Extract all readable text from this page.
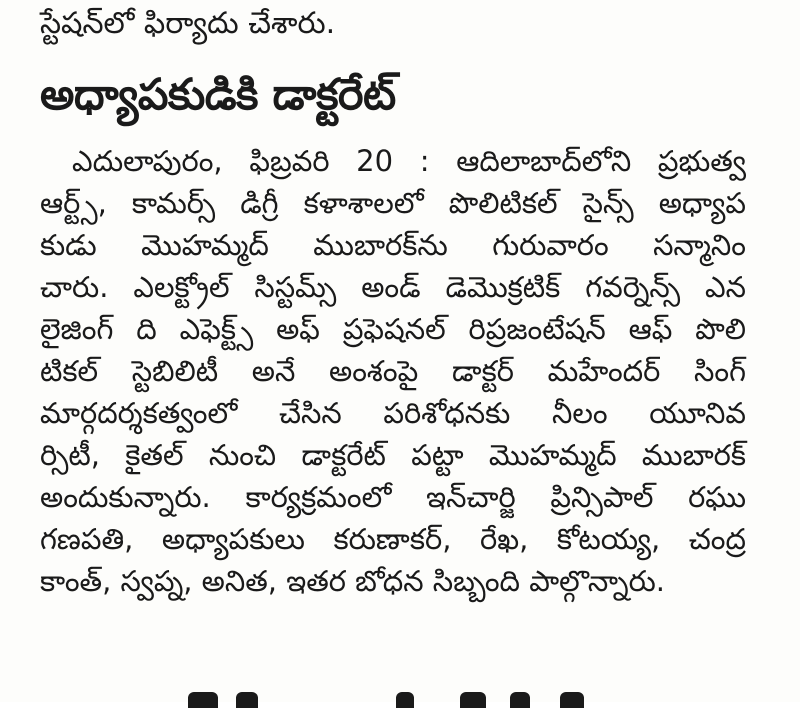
స్టేషన్‌లో ఫిర్యాదు చేశారు.
అధ్యాపకుడికి డాక్టరేట్
ఎదులాపురం, ఫిబ్రవరి 20 : ఆదిలాబాద్‌లోని ప్రభుత్వ
ఆర్ట్స్, కామర్స్ డిగ్రీ కళాశాలలో పొలిటికల్ సైన్స్ అధ్యాప
కుడు మొహమ్మద్ ముబారక్‌ను గురువారం సన్మానిం
చారు. ఎలక్ట్రోల్ సిస్టమ్స్ అండ్ డెమొక్రటిక్ గవర్నెన్స్ ఎన
లైజింగ్ ది ఎఫెక్ట్స్ అఫ్ ప్రఫెషనల్ రిప్రజంటేషన్ ఆఫ్ పొలి
టికల్ స్టెబిలిటీ అనే అంశంపై డాక్టర్ మహేందర్ సింగ్
మార్గదర్శకత్వంలో చేసిన పరిశోధనకు నీలం యూనివ
ర్సిటీ, కైతల్ నుంచి డాక్టరేట్ పట్టా మొహమ్మద్ ముబారక్
అందుకున్నారు. కార్యక్రమంలో ఇన్‌చార్జి ప్రిన్సిపాల్ రఘు
గణపతి, అధ్యాపకులు కరుణాకర్, రేఖ, కోటయ్య, చంద్ర
కాంత్, స్వప్న, అనిత, ఇతర బోధన సిబ్బంది పాల్గొన్నారు.
